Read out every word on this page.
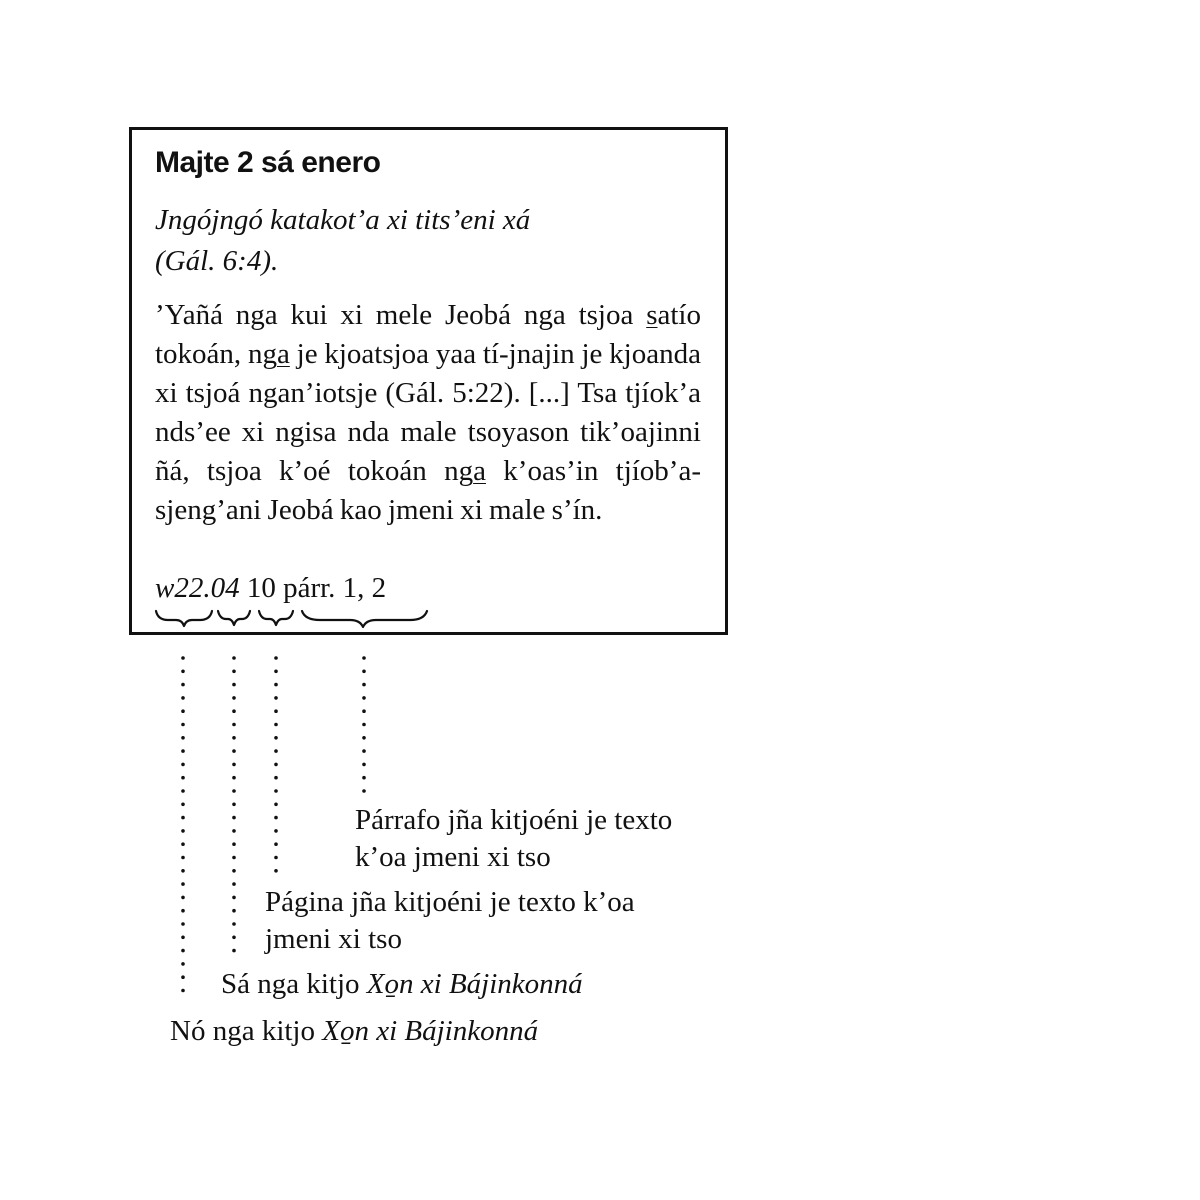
Majte 2 sá enero
Jngójngó katakot’a xi tits’eni xá
(Gál. 6:4).
’Yañá nga kui xi mele Jeobá nga tsjoa satío tokoán, nga je kjoatsjoa yaa tí-jnajin je kjoanda xi tsjoá ngan’iotsje (Gál. 5:22). [...] Tsa tjíok’a nds’ee xi ngisa nda male tsoyason tik’oajinni ñá, tsjoa k’oé tokoán nga k’oas’in tjíob’a-sjeng’ani Jeobá kao jmeni xi male s’ín.
w22.04 10 párr. 1, 2
Párrafo jña kitjoéni je texto
k’oa jmeni xi tso
Página jña kitjoéni je texto k’oa
jmeni xi tso
Sá nga kitjo Xo̱n xi Bájinkonná
Nó nga kitjo Xo̱n xi Bájinkonná
